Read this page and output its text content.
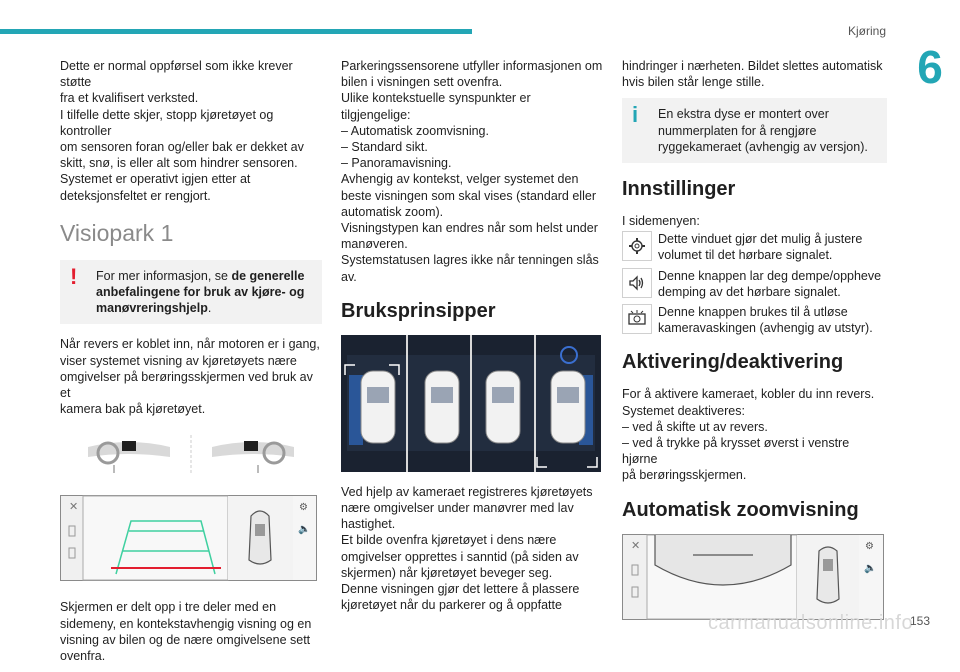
Kjøring
6
Dette er normal oppførsel som ikke krever støtte
fra et kvalifisert verksted.
I tilfelle dette skjer, stopp kjøretøyet og kontroller
om sensoren foran og/eller bak er dekket av
skitt, snø, is eller alt som hindrer sensoren.
Systemet er operativt igjen etter at
deteksjonsfeltet er rengjort.
Visiopark 1
!	For mer informasjon, se de generelle anbefalingene for bruk av kjøre- og manøvreringshjelp.
Når revers er koblet inn, når motoren er i gang,
viser systemet visning av kjøretøyets nære
omgivelser på berøringsskjermen ved bruk av et
kamera bak på kjøretøyet.
✕	⚙
🔈
Skjermen er delt opp i tre deler med en
sidemeny, en kontekstavhengig visning og en
visning av bilen og de nære omgivelsene sett
ovenfra.
Parkeringssensorene utfyller informasjonen om
bilen i visningen sett ovenfra.
Ulike kontekstuelle synspunkter er tilgjengelige:
– Automatisk zoomvisning.
– Standard sikt.
– Panoramavisning.
Avhengig av kontekst, velger systemet den
beste visningen som skal vises (standard eller
automatisk zoom).
Visningstypen kan endres når som helst under
manøveren.
Systemstatusen lagres ikke når tenningen slås
av.
Bruksprinsipper
Ved hjelp av kameraet registreres kjøretøyets
nære omgivelser under manøvrer med lav
hastighet.
Et bilde ovenfra kjøretøyet i dens nære
omgivelser opprettes i sanntid (på siden av
skjermen) når kjøretøyet beveger seg.
Denne visningen gjør det lettere å plassere
kjøretøyet når du parkerer og å oppfatte
hindringer i nærheten. Bildet slettes automatisk
hvis bilen står lenge stille.
i	En ekstra dyse er montert over nummerplaten for å rengjøre ryggekameraet (avhengig av versjon).
Innstillinger
I sidemenyen:
Dette vinduet gjør det mulig å justere volumet til det hørbare signalet.
Denne knappen lar deg dempe/oppheve demping av det hørbare signalet.
Denne knappen brukes til å utløse kameravaskingen (avhengig av utstyr).
Aktivering/deaktivering
For å aktivere kameraet, kobler du inn revers.
Systemet deaktiveres:
– ved å skifte ut av revers.
– ved å trykke på krysset øverst i venstre hjørne
på berøringsskjermen.
Automatisk zoomvisning
✕	⚙
🔈
carmanualsonline.info
153
